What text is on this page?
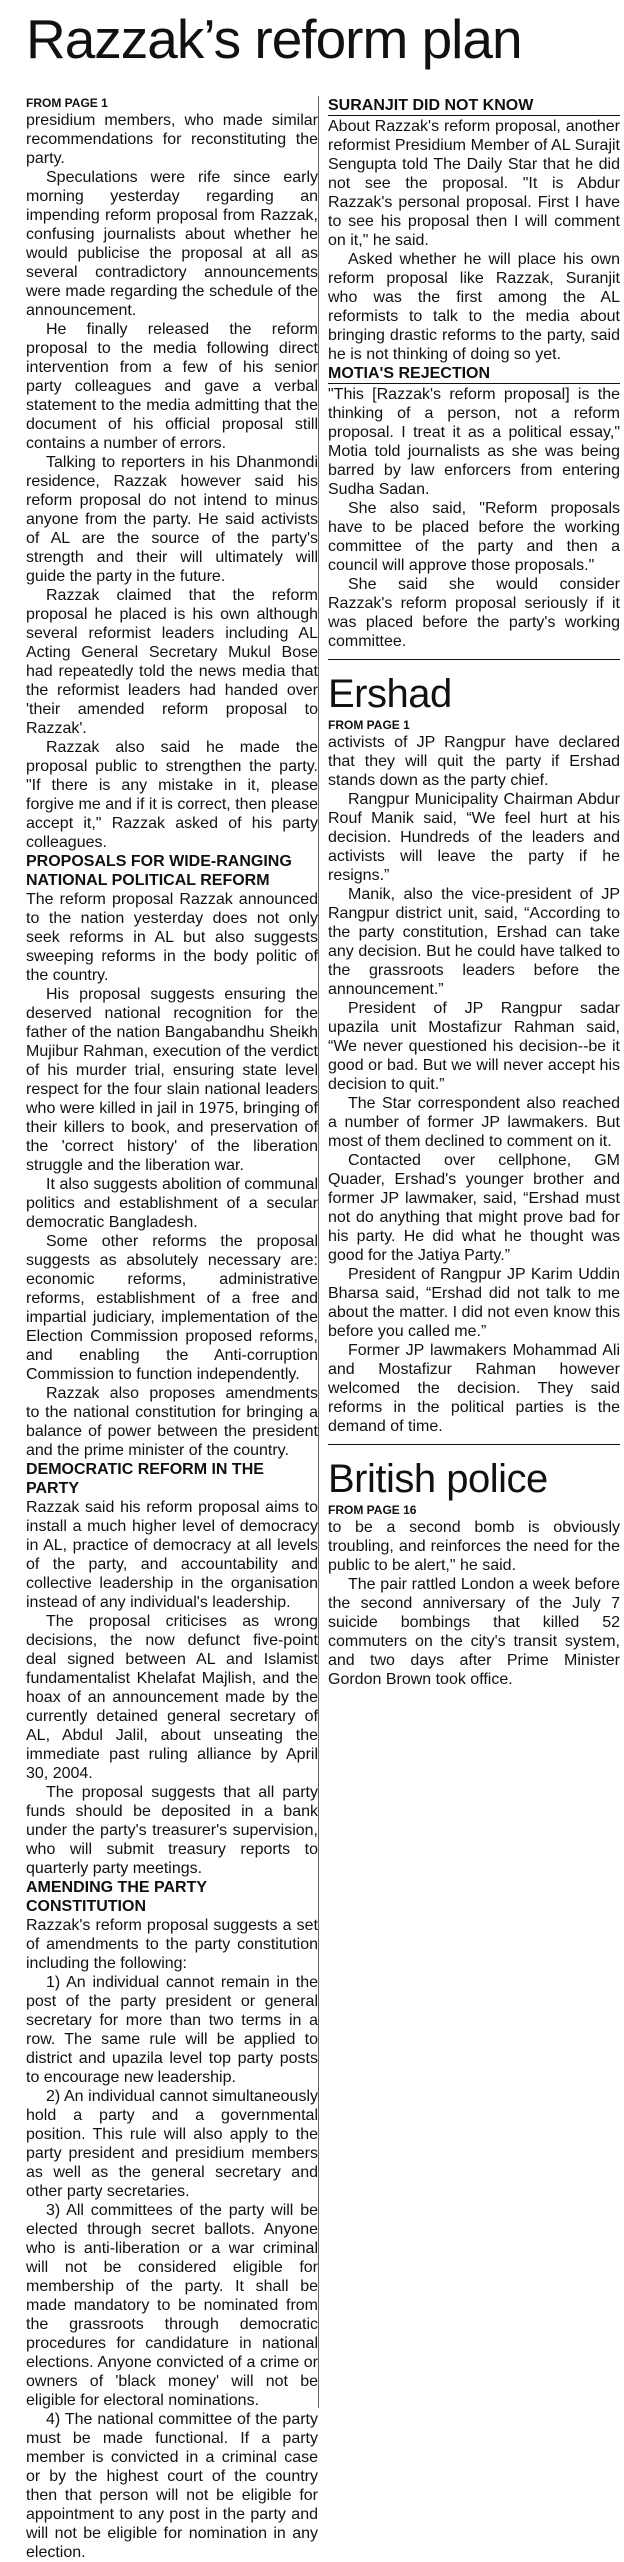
Razzak’s reform plan
FROM PAGE 1

presidium members, who made similar recommendations for reconstituting the party.

Speculations were rife since early morning yesterday regarding an impending reform proposal from Razzak, confusing journalists about whether he would publicise the proposal at all as several contradictory announcements were made regarding the schedule of the announcement.

He finally released the reform proposal to the media following direct intervention from a few of his senior party colleagues and gave a verbal statement to the media admitting that the document of his official proposal still contains a number of errors.

Talking to reporters in his Dhanmondi residence, Razzak however said his reform proposal do not intend to minus anyone from the party. He said activists of AL are the source of the party's strength and their will ultimately will guide the party in the future.

Razzak claimed that the reform proposal he placed is his own although several reformist leaders including AL Acting General Secretary Mukul Bose had repeatedly told the news media that the reformist leaders had handed over 'their amended reform proposal to Razzak'.

Razzak also said he made the proposal public to strengthen the party. "If there is any mistake in it, please forgive me and if it is correct, then please accept it," Razzak asked of his party colleagues.

PROPOSALS FOR WIDE-RANGING NATIONAL POLITICAL REFORM

The reform proposal Razzak announced to the nation yesterday does not only seek reforms in AL but also suggests sweeping reforms in the body politic of the country.

His proposal suggests ensuring the deserved national recognition for the father of the nation Bangabandhu Sheikh Mujibur Rahman, execution of the verdict of his murder trial, ensuring state level respect for the four slain national leaders who were killed in jail in 1975, bringing of their killers to book, and preservation of the 'correct history' of the liberation struggle and the liberation war.

It also suggests abolition of communal politics and establishment of a secular democratic Bangladesh.

Some other reforms the proposal suggests as absolutely necessary are: economic reforms, administrative reforms, establishment of a free and impartial judiciary, implementation of the Election Commission proposed reforms, and enabling the Anti-corruption Commission to function independently.

Razzak also proposes amendments to the national constitution for bringing a balance of power between the president and the prime minister of the country.

DEMOCRATIC REFORM IN THE PARTY

Razzak said his reform proposal aims to install a much higher level of democracy in AL, practice of democracy at all levels of the party, and accountability and collective leadership in the organisation instead of any individual's leadership.

The proposal criticises as wrong decisions, the now defunct five-point deal signed between AL and Islamist fundamentalist Khelafat Majlish, and the hoax of an announcement made by the currently detained general secretary of AL, Abdul Jalil, about unseating the immediate past ruling alliance by April 30, 2004.

The proposal suggests that all party funds should be deposited in a bank under the party's treasurer's supervision, who will submit treasury reports to quarterly party meetings.

AMENDING THE PARTY CONSTITUTION

Razzak's reform proposal suggests a set of amendments to the party constitution including the following:

1) An individual cannot remain in the post of the party president or general secretary for more than two terms in a row. The same rule will be applied to district and upazila level top party posts to encourage new leadership.

2) An individual cannot simultaneously hold a party and a governmental position. This rule will also apply to the party president and presidium members as well as the general secretary and other party secretaries.

3) All committees of the party will be elected through secret ballots. Anyone who is anti-liberation or a war criminal will not be considered eligible for membership of the party. It shall be made mandatory to be nominated from the grassroots through democratic procedures for candidature in national elections. Anyone convicted of a crime or owners of 'black money' will not be eligible for electoral nominations.

4) The national committee of the party must be made functional. If a party member is convicted in a criminal case or by the highest court of the country then that person will not be eligible for appointment to any post in the party and will not be eligible for nomination in any election.

SURANJIT DID NOT KNOW

About Razzak's reform proposal, another reformist Presidium Member of AL Surajit Sengupta told The Daily Star that he did not see the proposal. "It is Abdur Razzak's personal proposal. First I have to see his proposal then I will comment on it," he said.

Asked whether he will place his own reform proposal like Razzak, Suranjit who was the first among the AL reformists to talk to the media about bringing drastic reforms to the party, said he is not thinking of doing so yet.

MOTIA'S REJECTION

"This [Razzak's reform proposal] is the thinking of a person, not a reform proposal. I treat it as a political essay," Motia told journalists as she was being barred by law enforcers from entering Sudha Sadan.

She also said, "Reform proposals have to be placed before the working committee of the party and then a council will approve those proposals."

She said she would consider Razzak's reform proposal seriously if it was placed before the party's working committee.

Ershad
FROM PAGE 1

activists of JP Rangpur have declared that they will quit the party if Ershad stands down as the party chief.

Rangpur Municipality Chairman Abdur Rouf Manik said, “We feel hurt at his decision. Hundreds of the leaders and activists will leave the party if he resigns.”

Manik, also the vice-president of JP Rangpur district unit, said, “According to the party constitution, Ershad can take any decision. But he could have talked to the grassroots leaders before the announcement.”

President of JP Rangpur sadar upazila unit Mostafizur Rahman said, “We never questioned his decision--be it good or bad. But we will never accept his decision to quit.”

The Star correspondent also reached a number of former JP lawmakers. But most of them declined to comment on it.

Contacted over cellphone, GM Quader, Ershad's younger brother and former JP lawmaker, said, “Ershad must not do anything that might prove bad for his party. He did what he thought was good for the Jatiya Party.”

President of Rangpur JP Karim Uddin Bharsa said, “Ershad did not talk to me about the matter. I did not even know this before you called me.”

Former JP lawmakers Mohammad Ali and Mostafizur Rahman however welcomed the decision. They said reforms in the political parties is the demand of time.

British police
FROM PAGE 16

to be a second bomb is obviously troubling, and reinforces the need for the public to be alert," he said.

The pair rattled London a week before the second anniversary of the July 7 suicide bombings that killed 52 commuters on the city's transit system, and two days after Prime Minister Gordon Brown took office.
